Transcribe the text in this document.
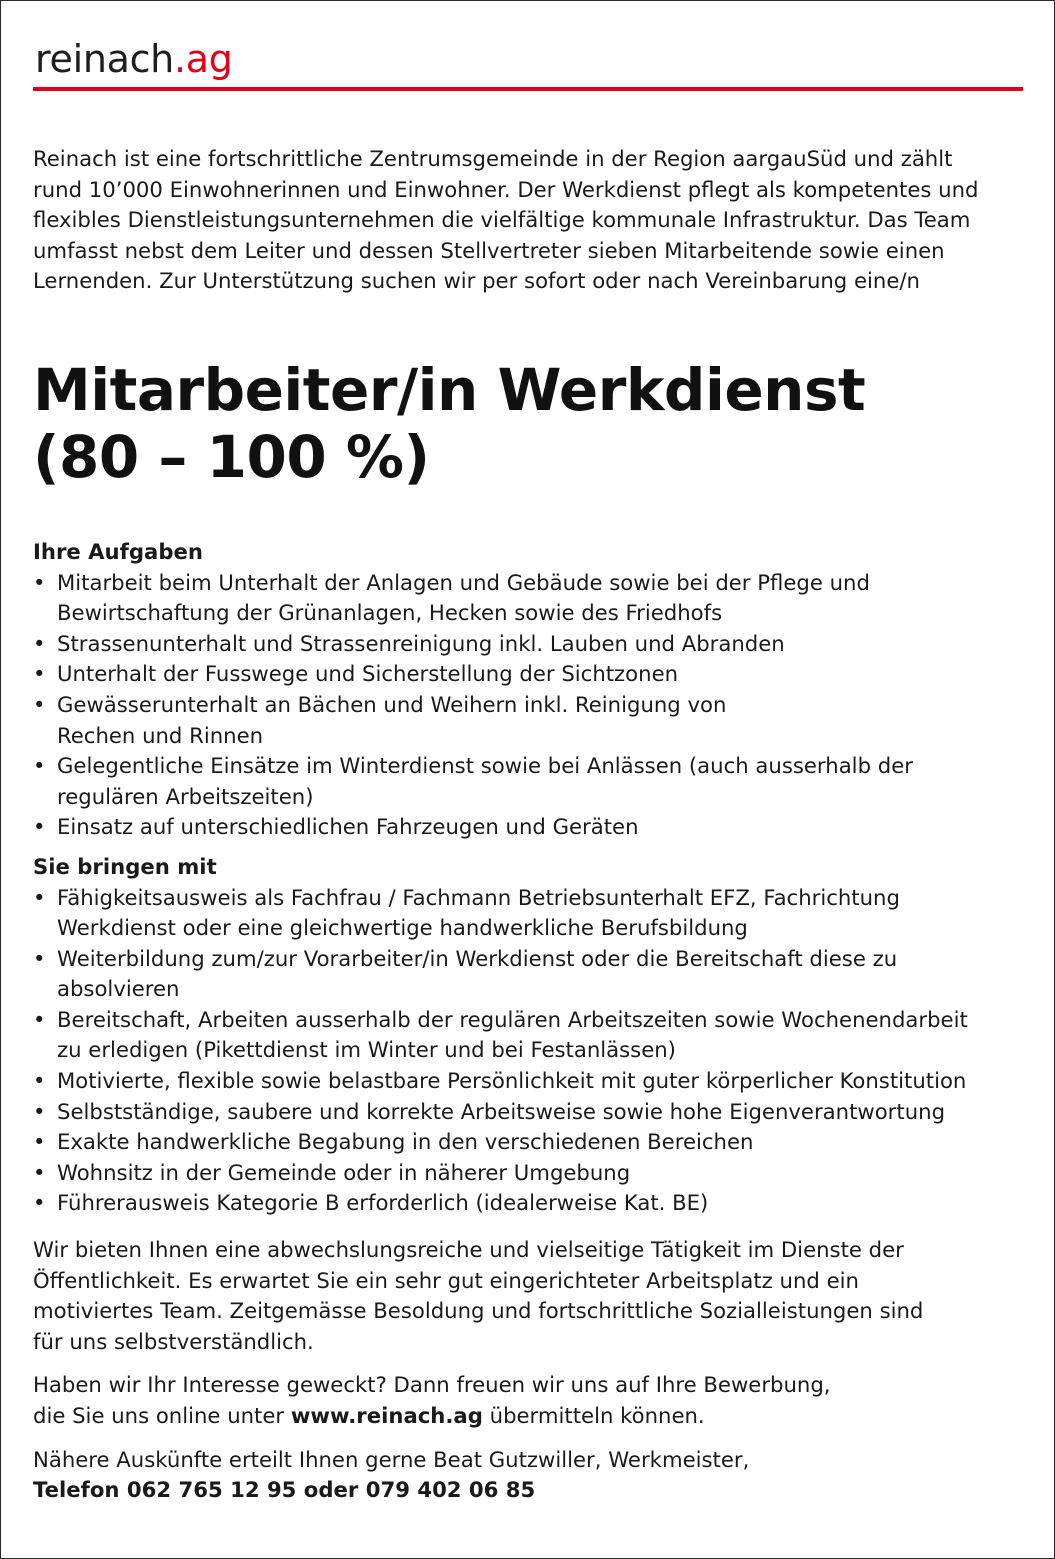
reinach.ag
Reinach ist eine fortschrittliche Zentrumsgemeinde in der Region aargauSüd und zählt
rund 10’000 Einwohnerinnen und Einwohner. Der Werkdienst pflegt als kompetentes und
flexibles Dienstleistungsunternehmen die vielfältige kommunale Infrastruktur. Das Team
umfasst nebst dem Leiter und dessen Stellvertreter sieben Mitarbeitende sowie einen
Lernenden. Zur Unterstützung suchen wir per sofort oder nach Vereinbarung eine/n
Mitarbeiter/in Werkdienst
(80 – 100 %)
Ihre Aufgaben
• Mitarbeit beim Unterhalt der Anlagen und Gebäude sowie bei der Pflege und
Bewirtschaftung der Grünanlagen, Hecken sowie des Friedhofs
• Strassenunterhalt und Strassenreinigung inkl. Lauben und Abranden
• Unterhalt der Fusswege und Sicherstellung der Sichtzonen
• Gewässerunterhalt an Bächen und Weihern inkl. Reinigung von
Rechen und Rinnen
• Gelegentliche Einsätze im Winterdienst sowie bei Anlässen (auch ausserhalb der
regulären Arbeitszeiten)
• Einsatz auf unterschiedlichen Fahrzeugen und Geräten
Sie bringen mit
• Fähigkeitsausweis als Fachfrau / Fachmann Betriebsunterhalt EFZ, Fachrichtung
Werkdienst oder eine gleichwertige handwerkliche Berufsbildung
• Weiterbildung zum/zur Vorarbeiter/in Werkdienst oder die Bereitschaft diese zu
absolvieren
• Bereitschaft, Arbeiten ausserhalb der regulären Arbeitszeiten sowie Wochenendarbeit
zu erledigen (Pikettdienst im Winter und bei Festanlässen)
• Motivierte, flexible sowie belastbare Persönlichkeit mit guter körperlicher Konstitution
• Selbstständige, saubere und korrekte Arbeitsweise sowie hohe Eigenverantwortung
• Exakte handwerkliche Begabung in den verschiedenen Bereichen
• Wohnsitz in der Gemeinde oder in näherer Umgebung
• Führerausweis Kategorie B erforderlich (idealerweise Kat. BE)
Wir bieten Ihnen eine abwechslungsreiche und vielseitige Tätigkeit im Dienste der
Öffentlichkeit. Es erwartet Sie ein sehr gut eingerichteter Arbeitsplatz und ein
motiviertes Team. Zeitgemässe Besoldung und fortschrittliche Sozialleistungen sind
für uns selbstverständlich.
Haben wir Ihr Interesse geweckt? Dann freuen wir uns auf Ihre Bewerbung,
die Sie uns online unter www.reinach.ag übermitteln können.
Nähere Auskünfte erteilt Ihnen gerne Beat Gutzwiller, Werkmeister,
Telefon 062 765 12 95 oder 079 402 06 85
